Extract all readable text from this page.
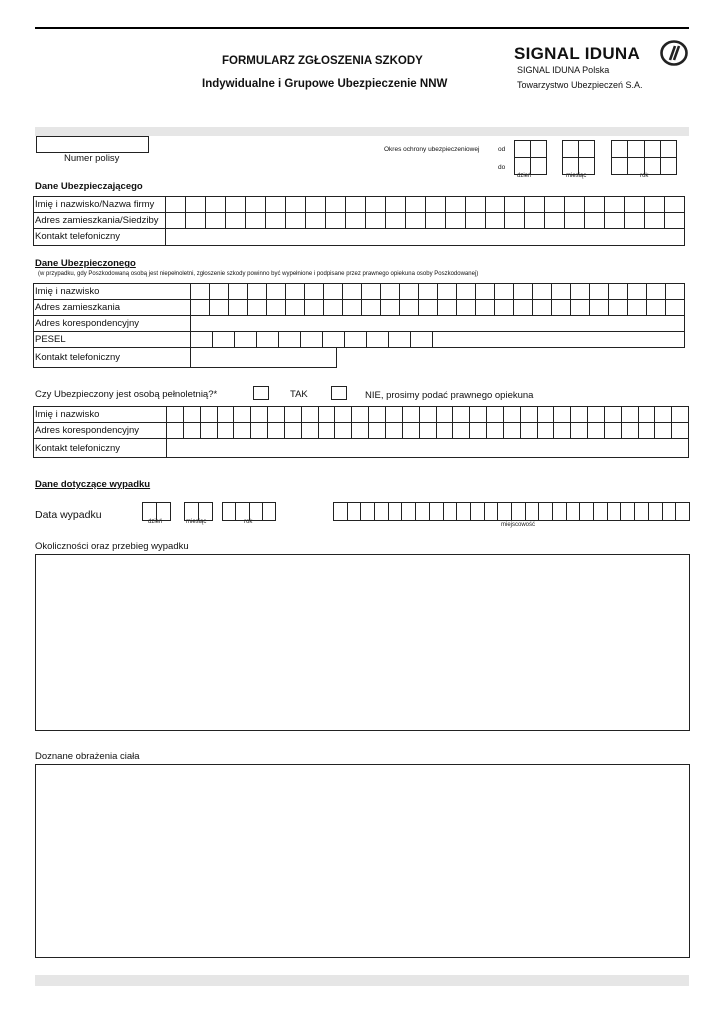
FORMULARZ ZGŁOSZENIA SZKODY
Indywidualne i Grupowe Ubezpieczenie NNW
SIGNAL IDUNA
SIGNAL IDUNA Polska
Towarzystwo Ubezpieczeń S.A.
Numer polisy
Okres ochrony ubezpieczeniowej	od
do
dzień	miesiąc	rok
Dane Ubezpieczającego
Imię i nazwisko/Nazwa firmy
Adres zamieszkania/Siedziby
Kontakt telefoniczny
Dane Ubezpieczonego
(w przypadku, gdy Poszkodowaną osobą jest niepełnoletni, zgłoszenie szkody powinno być wypełnione i podpisane przez prawnego opiekuna osoby Poszkodowanej)
Imię i nazwisko
Adres zamieszkania
Adres korespondencyjny
PESEL
Kontakt telefoniczny
Czy Ubezpieczony jest osobą pełnoletnią?*	TAK	NIE, prosimy podać prawnego opiekuna
Imię i nazwisko
Adres korespondencyjny
Kontakt telefoniczny
Dane dotyczące wypadku
Data wypadku
dzień	miesiąc	rok	miejscowość
Okoliczności oraz przebieg wypadku
Doznane obrażenia ciała
